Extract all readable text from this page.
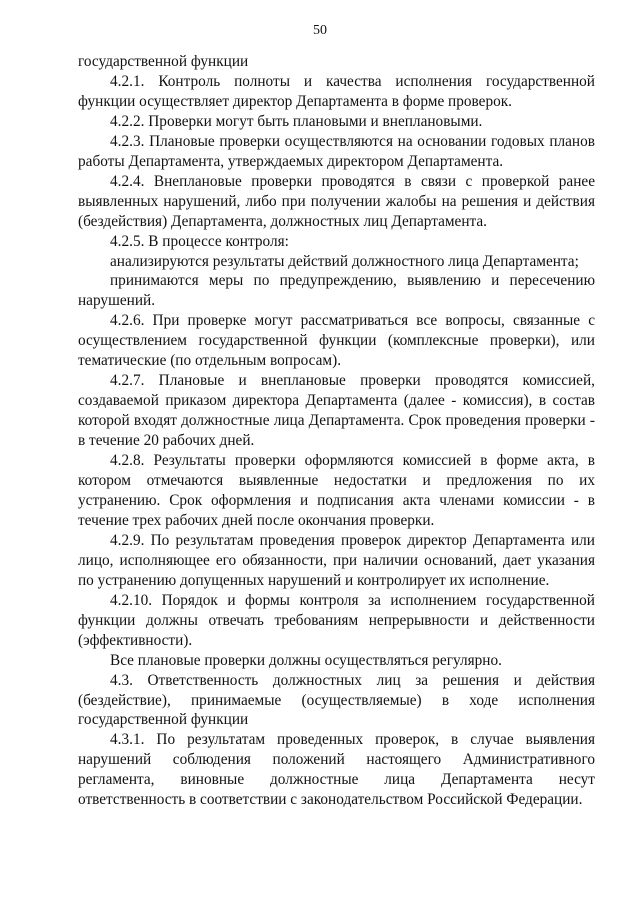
50

государственной функции

4.2.1. Контроль полноты и качества исполнения государственной функции осуществляет директор Департамента в форме проверок.

4.2.2. Проверки могут быть плановыми и внеплановыми.

4.2.3. Плановые проверки осуществляются на основании годовых планов работы Департамента, утверждаемых директором Департамента.

4.2.4. Внеплановые проверки проводятся в связи с проверкой ранее выявленных нарушений, либо при получении жалобы на решения и действия (бездействия) Департамента, должностных лиц Департамента.

4.2.5. В процессе контроля:

анализируются результаты действий должностного лица Департамента;

принимаются меры по предупреждению, выявлению и пересечению нарушений.

4.2.6. При проверке могут рассматриваться все вопросы, связанные с осуществлением государственной функции (комплексные проверки), или тематические (по отдельным вопросам).

4.2.7. Плановые и внеплановые проверки проводятся комиссией, создаваемой приказом директора Департамента (далее - комиссия), в состав которой входят должностные лица Департамента. Срок проведения проверки - в течение 20 рабочих дней.

4.2.8. Результаты проверки оформляются комиссией в форме акта, в котором отмечаются выявленные недостатки и предложения по их устранению. Срок оформления и подписания акта членами комиссии - в течение трех рабочих дней после окончания проверки.

4.2.9. По результатам проведения проверок директор Департамента или лицо, исполняющее его обязанности, при наличии оснований, дает указания по устранению допущенных нарушений и контролирует их исполнение.

4.2.10. Порядок и формы контроля за исполнением государственной функции должны отвечать требованиям непрерывности и действенности (эффективности).

Все плановые проверки должны осуществляться регулярно.

4.3. Ответственность должностных лиц за решения и действия (бездействие), принимаемые (осуществляемые) в ходе исполнения государственной функции

4.3.1. По результатам проведенных проверок, в случае выявления нарушений соблюдения положений настоящего Административного регламента, виновные должностные лица Департамента несут ответственность в соответствии с законодательством Российской Федерации.
